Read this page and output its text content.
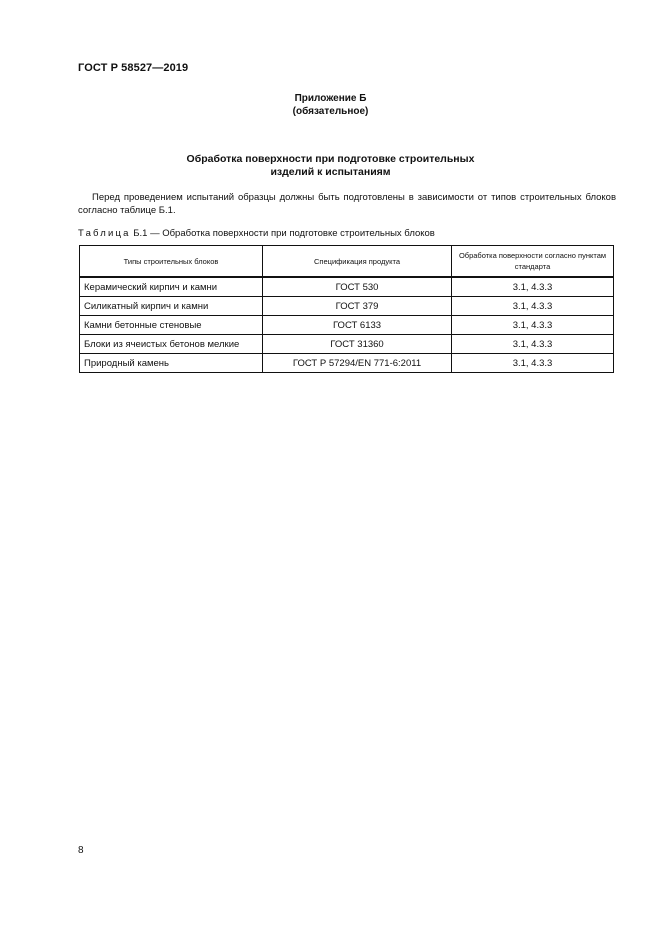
ГОСТ Р 58527—2019
Приложение Б
(обязательное)
Обработка поверхности при подготовке строительных
изделий к испытаниям
Перед проведением испытаний образцы должны быть подготовлены в зависимости от типов строительных блоков согласно таблице Б.1.
Таблица Б.1 — Обработка поверхности при подготовке строительных блоков
Типы строительных блоков	Спецификация продукта	Обработка поверхности согласно пунктам стандарта
Керамический кирпич и камни	ГОСТ 530	3.1, 4.3.3
Силикатный кирпич и камни	ГОСТ 379	3.1, 4.3.3
Камни бетонные стеновые	ГОСТ 6133	3.1, 4.3.3
Блоки из ячеистых бетонов мелкие	ГОСТ 31360	3.1, 4.3.3
Природный камень	ГОСТ Р 57294/EN 771-6:2011	3.1, 4.3.3
8
